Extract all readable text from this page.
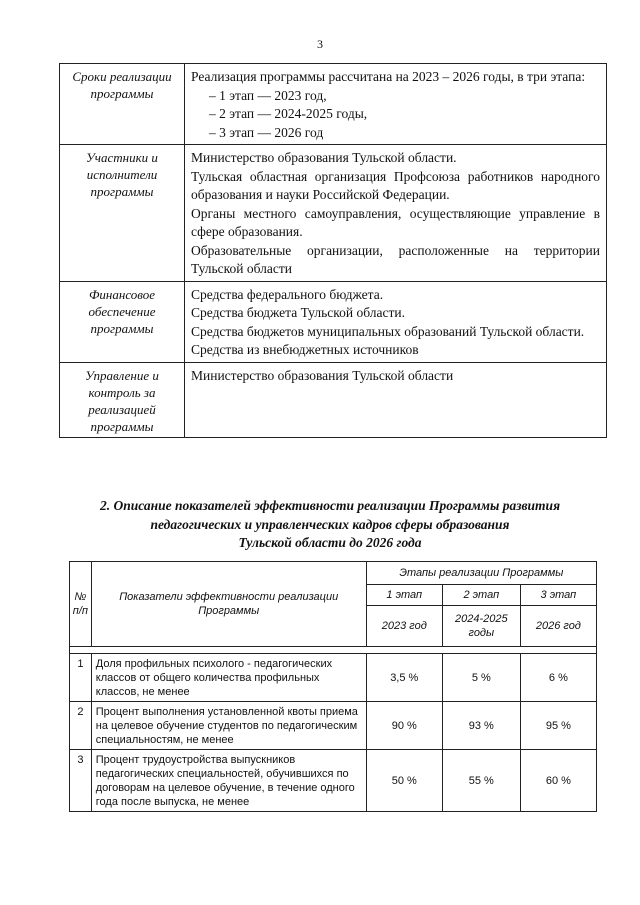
3
Сроки реализации программы	Реализация программы рассчитана на 2023 – 2026 годы, в три этапа:

– 1 этап — 2023 год,

– 2 этап — 2024-2025 годы,

– 3 этап — 2026 год

Участники и исполнители программы	Министерство образования Тульской области.

Тульская областная организация Профсоюза работников народного образования и науки Российской Федерации.

Органы местного самоуправления, осуществляющие управление в сфере образования.

Образовательные организации, расположенные на территории Тульской области

Финансовое обеспечение программы	Средства федерального бюджета.

Средства бюджета Тульской области.

Средства бюджетов муниципальных образований Тульской области.

Средства из внебюджетных источников

Управление и контроль за реализацией программы	Министерство образования Тульской области

2. Описание показателей эффективности реализации Программы развития
педагогических и управленческих кадров сферы образования
Тульской области до 2026 года
№ п/п	Показатели эффективности реализации Программы	Этапы реализации Программы		
		1 этап	2 этап	3 этап
		2023 год	2024-2025 годы	2026 год

1	Доля профильных психолого - педагогических классов от общего количества профильных классов, не менее	3,5 %	5 %	6 %
2	Процент выполнения установленной квоты приема на целевое обучение студентов по педагогическим специальностям, не менее	90 %	93 %	95 %
3	Процент трудоустройства выпускников педагогических специальностей, обучившихся по договорам на целевое обучение, в течение одного года после выпуска, не менее	50 %	55 %	60 %
